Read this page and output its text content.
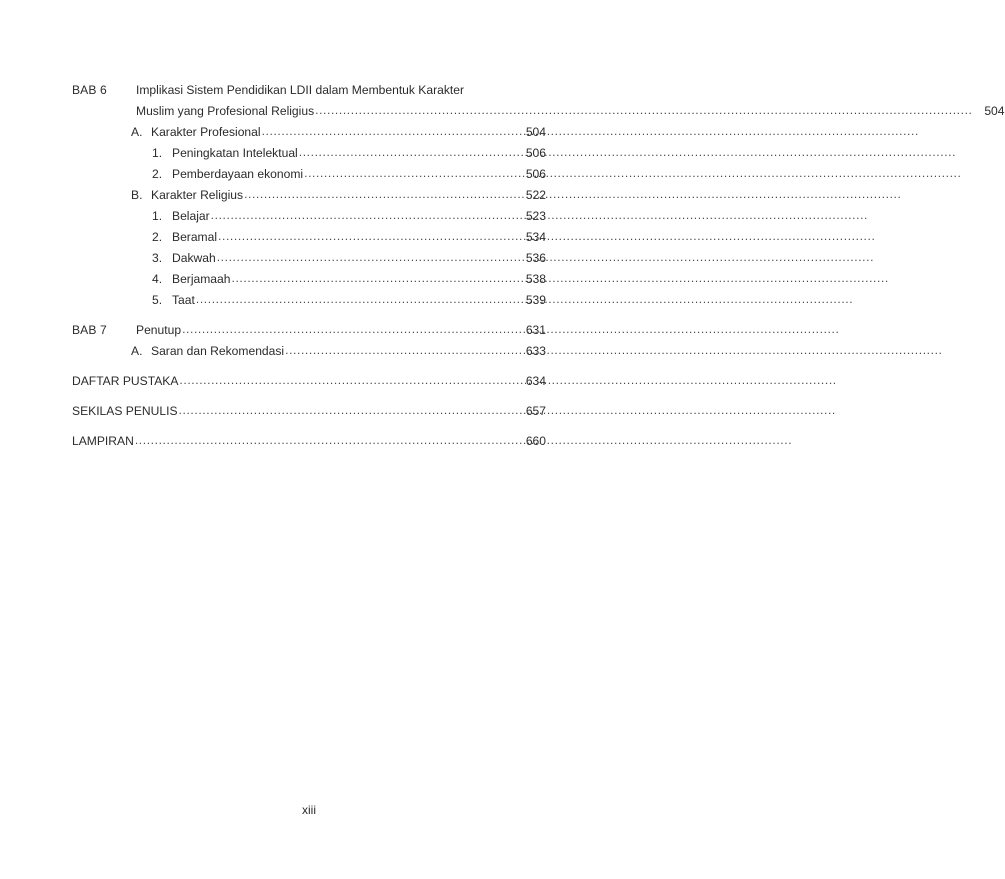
BAB 6	Implikasi Sistem Pendidikan LDII dalam Membentuk Karakter
Muslim yang Profesional Religius .....	504
A. Karakter Profesional .....	504
1. Peningkatan Intelektual .....	506
2. Pemberdayaan ekonomi .....	506
B. Karakter Religius .....	522
1. Belajar .....	523
2. Beramal .....	534
3. Dakwah .....	536
4. Berjamaah .....	538
5. Taat .....	539
BAB 7	Penutup .....	631
A. Saran dan Rekomendasi .....	633
DAFTAR PUSTAKA .....	634
SEKILAS PENULIS .....	657
LAMPIRAN .....	660
xiii
